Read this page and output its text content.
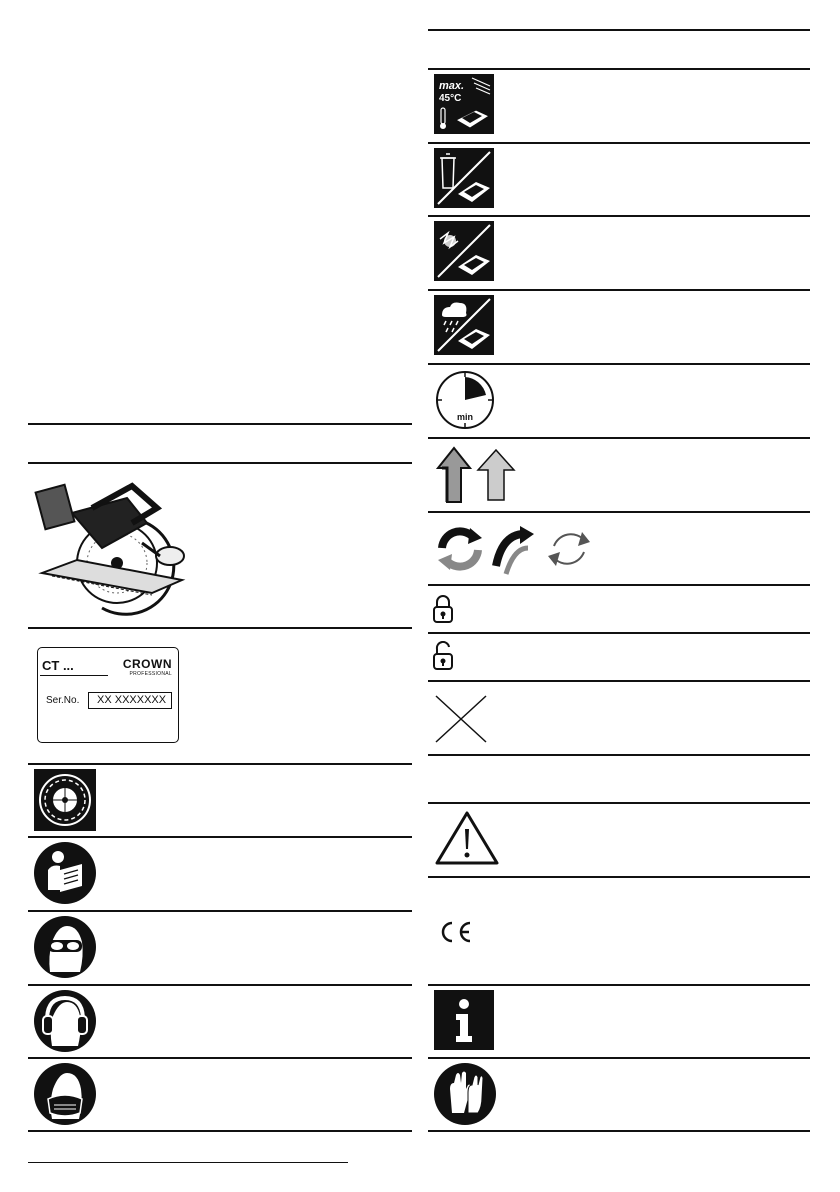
CT ...	CROWN
PROFESSIONAL
Ser.No. XX XXXXXXX
max.
45°C
min
